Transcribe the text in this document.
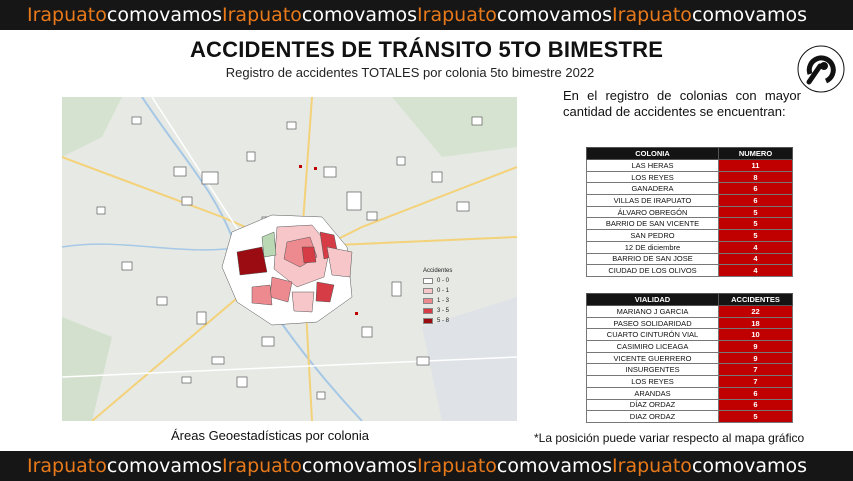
Irapuatocomovamos Irapuatocomovamos Irapuatocomovamos Irapuatocomovamos
ACCIDENTES DE TRÁNSITO 5TO BIMESTRE
Registro de accidentes TOTALES por colonia 5to bimestre 2022
Accidentes
0 - 0
0 - 1
1 - 3
3 - 5
5 - 8
Áreas Geoestadísticas por colonia
En el registro de colonias con mayor cantidad de accidentes se encuentran:
COLONIA	NUMERO
LAS HERAS	11
LOS REYES	8
GANADERA	6
VILLAS DE IRAPUATO	6
ÁLVARO OBREGÓN	5
BARRIO DE SAN VICENTE	5
SAN PEDRO	5
12 DE diciembre	4
BARRIO DE SAN JOSE	4
CIUDAD DE LOS OLIVOS	4
VIALIDAD	ACCIDENTES
MARIANO J GARCIA	22
PASEO SOLIDARIDAD	18
CUARTO CINTURÓN VIAL	10
CASIMIRO LICEAGA	9
VICENTE GUERRERO	9
INSURGENTES	7
LOS REYES	7
ARANDAS	6
DÍAZ ORDAZ	6
DIAZ ORDAZ	5
*La posición puede variar respecto al mapa gráfico
Irapuatocomovamos Irapuatocomovamos Irapuatocomovamos Irapuatocomovamos
